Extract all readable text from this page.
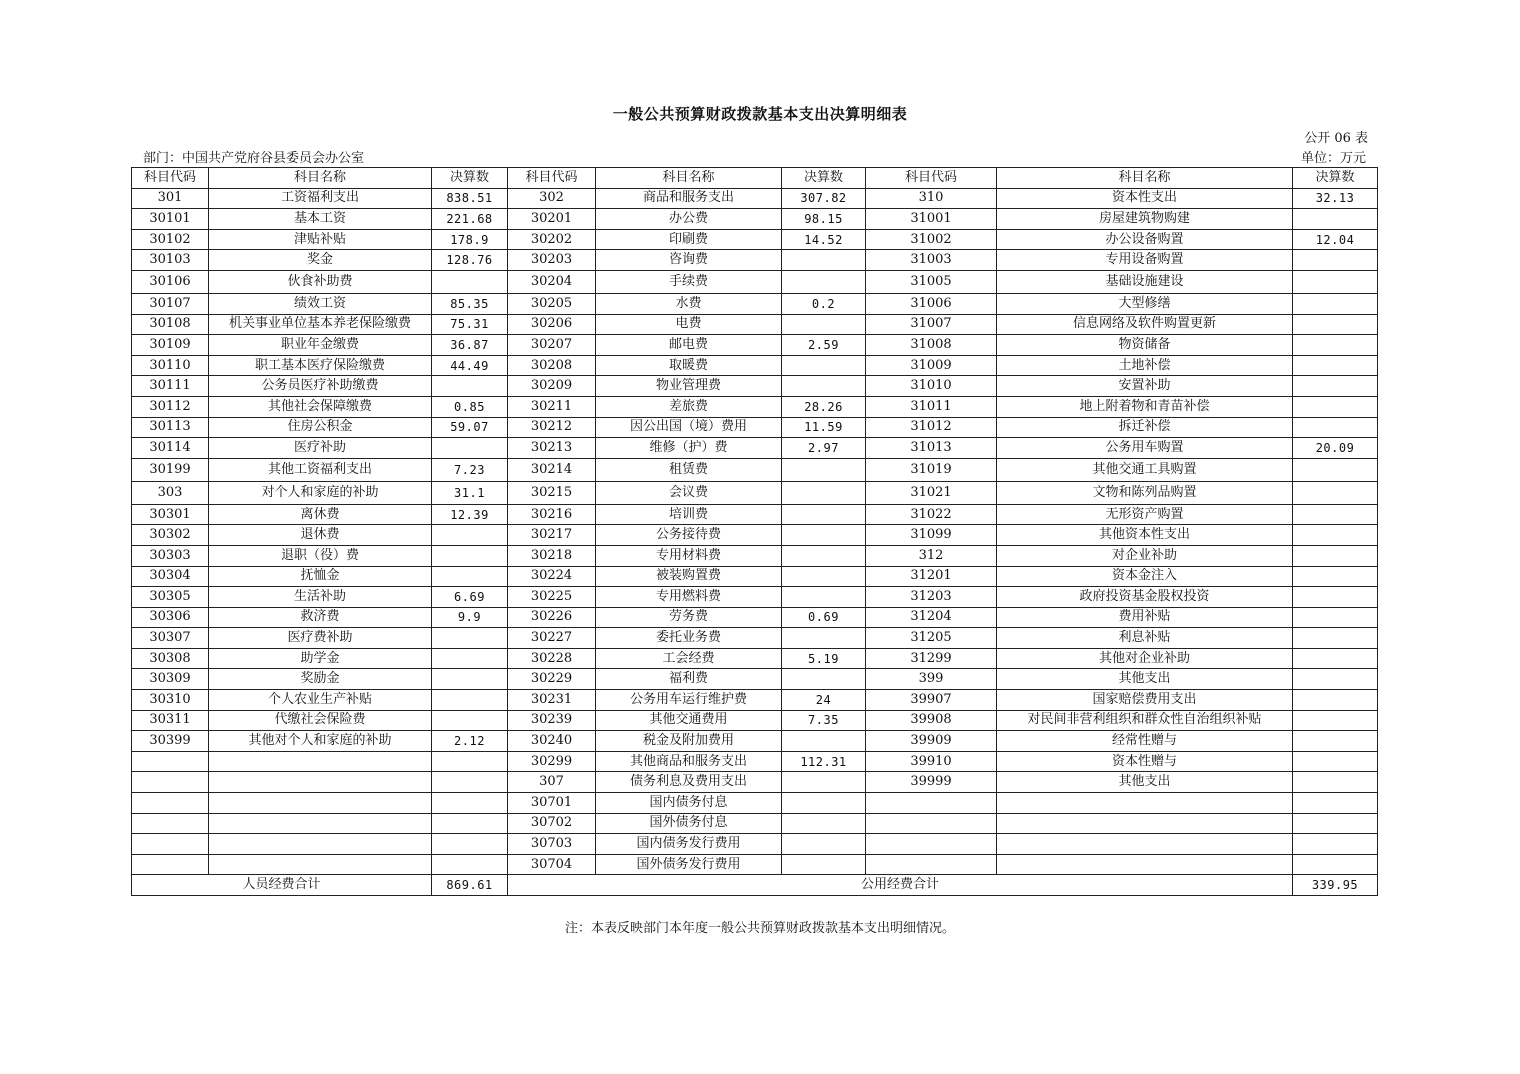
一般公共预算财政拨款基本支出决算明细表
公开 06 表
部门：中国共产党府谷县委员会办公室	单位：万元
科目代码	科目名称	决算数	科目代码	科目名称	决算数	科目代码	科目名称	决算数
301	工资福利支出	838.51	302	商品和服务支出	307.82	310	资本性支出	32.13
30101	基本工资	221.68	30201	办公费	98.15	31001	房屋建筑物购建	
30102	津贴补贴	178.9	30202	印刷费	14.52	31002	办公设备购置	12.04
30103	奖金	128.76	30203	咨询费		31003	专用设备购置	
30106	伙食补助费		30204	手续费		31005	基础设施建设	
30107	绩效工资	85.35	30205	水费	0.2	31006	大型修缮	
30108	机关事业单位基本养老保险缴费	75.31	30206	电费		31007	信息网络及软件购置更新	
30109	职业年金缴费	36.87	30207	邮电费	2.59	31008	物资储备	
30110	职工基本医疗保险缴费	44.49	30208	取暖费		31009	土地补偿	
30111	公务员医疗补助缴费		30209	物业管理费		31010	安置补助	
30112	其他社会保障缴费	0.85	30211	差旅费	28.26	31011	地上附着物和青苗补偿	
30113	住房公积金	59.07	30212	因公出国（境）费用	11.59	31012	拆迁补偿	
30114	医疗补助		30213	维修（护）费	2.97	31013	公务用车购置	20.09
30199	其他工资福利支出	7.23	30214	租赁费		31019	其他交通工具购置	
303	对个人和家庭的补助	31.1	30215	会议费		31021	文物和陈列品购置	
30301	离休费	12.39	30216	培训费		31022	无形资产购置	
30302	退休费		30217	公务接待费		31099	其他资本性支出	
30303	退职（役）费		30218	专用材料费		312	对企业补助	
30304	抚恤金		30224	被装购置费		31201	资本金注入	
30305	生活补助	6.69	30225	专用燃料费		31203	政府投资基金股权投资	
30306	救济费	9.9	30226	劳务费	0.69	31204	费用补贴	
30307	医疗费补助		30227	委托业务费		31205	利息补贴	
30308	助学金		30228	工会经费	5.19	31299	其他对企业补助	
30309	奖励金		30229	福利费		399	其他支出	
30310	个人农业生产补贴		30231	公务用车运行维护费	24	39907	国家赔偿费用支出	
30311	代缴社会保险费		30239	其他交通费用	7.35	39908	对民间非营利组织和群众性自治组织补贴	
30399	其他对个人和家庭的补助	2.12	30240	税金及附加费用		39909	经常性赠与	
			30299	其他商品和服务支出	112.31	39910	资本性赠与	
			307	债务利息及费用支出		39999	其他支出	
			30701	国内债务付息				
			30702	国外债务付息				
			30703	国内债务发行费用				
			30704	国外债务发行费用				
人员经费合计		869.61	公用经费合计					339.95
注：本表反映部门本年度一般公共预算财政拨款基本支出明细情况。
